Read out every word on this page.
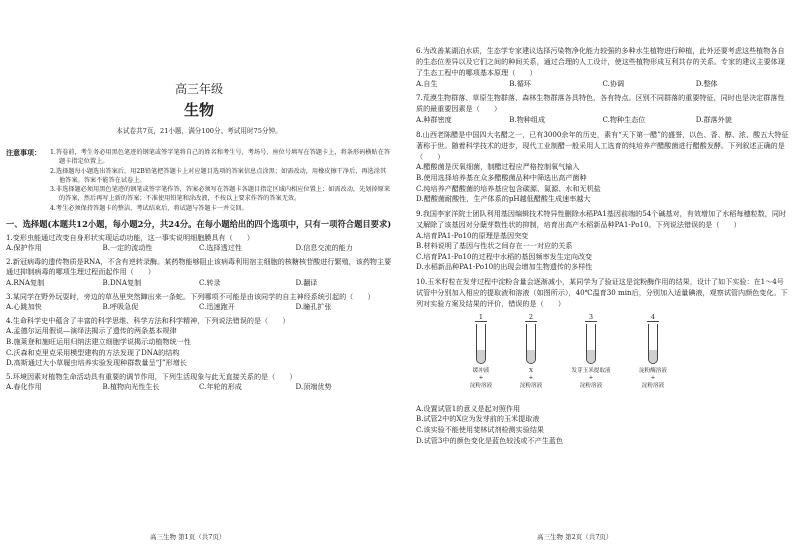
高三年级
生物
本试卷共7页，21小题，满分100分。考试用时75分钟。
注意事项：	1.答卷前，考生务必用黑色笔迹的钢笔或签字笔将自己的姓名和考生号、考场号、座位号填写在答题卡上，将条形码横贴在答题卡指定位置上。
2.选择题每小题选出答案后，用2B铅笔把答题卡上对应题目选项的答案信息点涂黑；如需改动，用橡皮擦干净后，再选涂其他答案。答案不能答在试卷上。
3.非选择题必须用黑色笔迹的钢笔或签字笔作答，答案必须写在答题卡各题目指定区域内相应位置上；如需改动，先划掉原来的答案，然后再写上新的答案；不准使用铅笔和涂改液，不按以上要求作答的答案无效。
4.考生必须保持答题卡的整洁，考试结束后，将试题与答题卡一并交回。
一、选择题(本题共12小题，每小题2分，共24分。在每小题给出的四个选项中，只有一项符合题目要求)
1.变形虫能通过改变自身形状实现运动功能，这一事实说明细胞膜具有（　　）
A.保护作用	B.一定的流动性	C.选择透过性	D.信息交流的能力
2.新冠病毒的遗传物质是RNA，不含有逆转录酶。某药物能够阻止该病毒利用宿主细胞的核糖核苷酸进行繁殖，该药物主要通过抑制病毒的哪项生理过程而起作用（　　）
A.RNA复制	B.DNA复制	C.转录	D.翻译
3.某同学在野外玩耍时，旁边的草丛里突然蹿出来一条蛇。下列哪项不可能是由该同学的自主神经系统引起的（　　）
A.心跳加快	B.呼吸急促	C.迅速跑开	D.瞳孔扩张
4.生命科学史中蕴含了丰富的科学思维、科学方法和科学精神，下列说法错误的是（　　）
A.孟德尔运用假说—演绎法揭示了遗传的两条基本规律
B.施莱登和施旺运用归纳法建立细胞学说揭示动植物统一性
C.沃森和克里克采用模型建构的方法发现了DNA的结构
D.高斯通过大小草履虫培养实验发现种群数量呈“J”形增长
5.环境因素对植物生命活动具有重要的调节作用，下列生活现象与此无直接关系的是（　　）
A.春化作用	B.植物向光性生长	C.年轮的形成	D.顶端优势
高三生物 第1页（共7页）
6.为改善某湖泊水质，生态学专家建议选择污染物净化能力较强的多种水生植物进行种植，此外还要考虑这些植物各自的生态位差异以及它们之间的种间关系，通过合理的人工设计，使这些植物形成互利共存的关系。专家的建议主要体现了生态工程中的哪项基本原理（　　）
A.自生	B.循环	C.协调	D.整体
7.荒漠生物群落、草原生物群落、森林生物群落各具特色，各有特点。区别不同群落的重要特征，同时也是决定群落性质的最重要因素是（　　）
A.种群密度	B.物种组成	C.物种生态位	D.群落外貌
8.山西老陈醋是中国四大名醋之一，已有3000余年的历史，素有“天下第一醋”的盛誉，以色、香、醇、浓、酸五大特征著称于世。随着科学技术的进步，现代工业制醋一般采用人工选育的纯培养产醋酸菌进行醋酸发酵。下列叙述正确的是（　　）
A.醋酸菌是厌氧细菌，制醋过程应严格控制氧气输入
B.使用选择培养基在众多醋酸菌品种中筛选出高产菌种
C.纯培养产醋酸菌的培养基应包含碳源、氮源、水和无机盐
D.醋酸菌耐酸性，生产体系的pH越低醋酸生成速率越大
9.我国李家洋院士团队利用基因编辑技术特异性删除水稻PA1基因前端的54个碱基对，有效增加了水稻每穗粒数，同时又解除了该基因对分蘖芽数性状的抑制，培育出高产水稻新品种PA1-Po10。下列说法错误的是（　　）
A.培育PA1-Po10的原理是基因突变
B.材料说明了基因与性状之间存在一一对应的关系
C.培育PA1-Po10的过程中水稻的基因频率发生定向改变
D.水稻新品种PA1-Po10的出现会增加生物遗传的多样性
10.玉米籽粒在发芽过程中淀粉含量会逐渐减小，某同学为了验证这是淀粉酶作用的结果，设计了如下实验：在1～4号试管中分别加入相应的提取液和溶液（如图所示），40℃温育30 min后，分别加入适量碘液，观察试管内颜色变化。下列对实验方案及结果的评价，错误的是（　　）
1
缓冲液
+
淀粉溶液
2
X
+
淀粉溶液
3
发芽玉米提取液
+
淀粉溶液
4
淀粉酶溶液
+
淀粉溶液
A.设置试管1的意义是起对照作用
B.试管2中的X应为发芽前的玉米提取液
C.该实验不能使用斐林试剂检测实验结果
D.试管3中的颜色变化是蓝色较浅或不产生蓝色
高三生物 第2页（共7页）
